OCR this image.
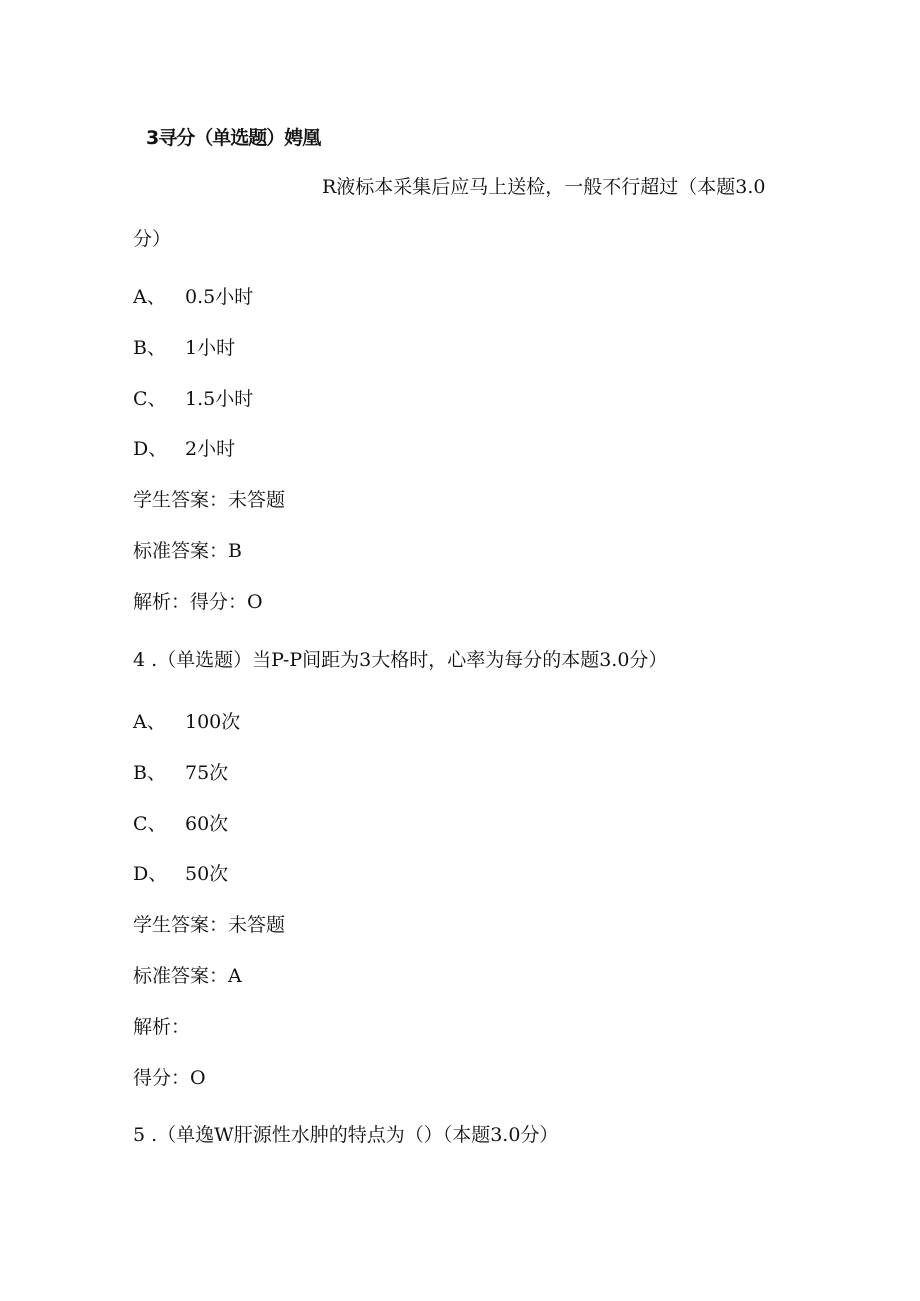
3寻分（单选题）娉凰
R液标本采集后应马上送检，一般不行超过（本题3.0
分）
A、 0.5小时
B、 1小时
C、 1.5小时
D、 2小时
学生答案：未答题
标准答案：B
解析：得分：O
4 .（单选题）当P-P间距为3大格时，心率为每分的本题3.0分）
A、 100次
B、 75次
C、 60次
D、 50次
学生答案：未答题
标准答案：A
解析：
得分：O
5 .（单逸W肝源性水肿的特点为（）（本题3.0分）
